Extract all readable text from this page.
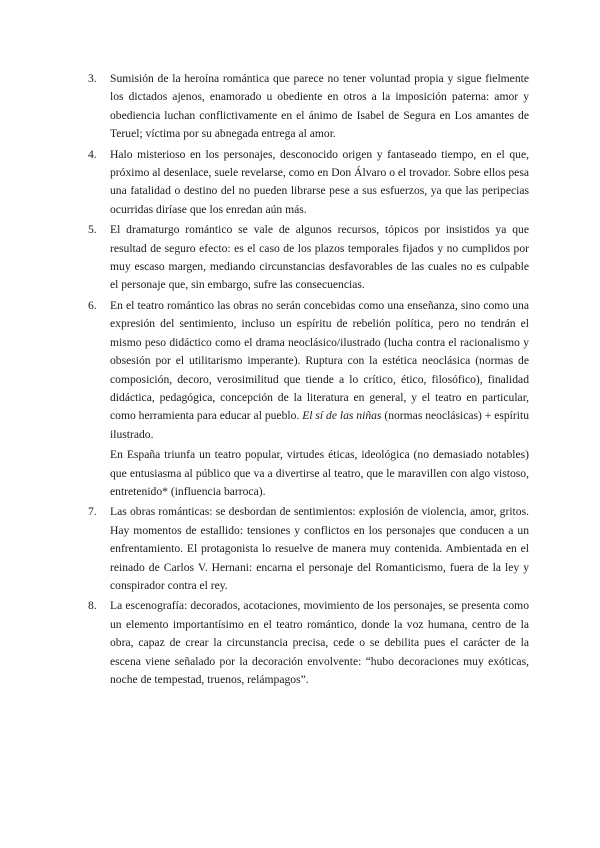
3. Sumisión de la heroína romántica que parece no tener voluntad propia y sigue fielmente los dictados ajenos, enamorado u obediente en otros a la imposición paterna: amor y obediencia luchan conflictivamente en el ánimo de Isabel de Segura en Los amantes de Teruel; víctima por su abnegada entrega al amor.

4. Halo misterioso en los personajes, desconocido origen y fantaseado tiempo, en el que, próximo al desenlace, suele revelarse, como en Don Álvaro o el trovador. Sobre ellos pesa una fatalidad o destino del no pueden librarse pese a sus esfuerzos, ya que las peripecias ocurridas diríase que los enredan aún más.

5. El dramaturgo romántico se vale de algunos recursos, tópicos por insistidos ya que resultad de seguro efecto: es el caso de los plazos temporales fijados y no cumplidos por muy escaso margen, mediando circunstancias desfavorables de las cuales no es culpable el personaje que, sin embargo, sufre las consecuencias.

6. En el teatro romántico las obras no serán concebidas como una enseñanza, sino como una expresión del sentimiento, incluso un espíritu de rebelión política, pero no tendrán el mismo peso didáctico como el drama neoclásico/ilustrado (lucha contra el racionalismo y obsesión por el utilitarismo imperante). Ruptura con la estética neoclásica (normas de composición, decoro, verosimilitud que tiende a lo crítico, ético, filosófico), finalidad didáctica, pedagógica, concepción de la literatura en general, y el teatro en particular, como herramienta para educar al pueblo. El sí de las niñas (normas neoclásicas) + espíritu ilustrado.

En España triunfa un teatro popular, virtudes éticas, ideológica (no demasiado notables) que entusiasma al público que va a divertirse al teatro, que le maravillen con algo vistoso, entretenido* (influencia barroca).

7. Las obras románticas: se desbordan de sentimientos: explosión de violencia, amor, gritos. Hay momentos de estallido: tensiones y conflictos en los personajes que conducen a un enfrentamiento. El protagonista lo resuelve de manera muy contenida. Ambientada en el reinado de Carlos V. Hernani: encarna el personaje del Romanticismo, fuera de la ley y conspirador contra el rey.

8. La escenografía: decorados, acotaciones, movimiento de los personajes, se presenta como un elemento importantísimo en el teatro romántico, donde la voz humana, centro de la obra, capaz de crear la circunstancia precisa, cede o se debilita pues el carácter de la escena viene señalado por la decoración envolvente: “hubo decoraciones muy exóticas, noche de tempestad, truenos, relámpagos”.
